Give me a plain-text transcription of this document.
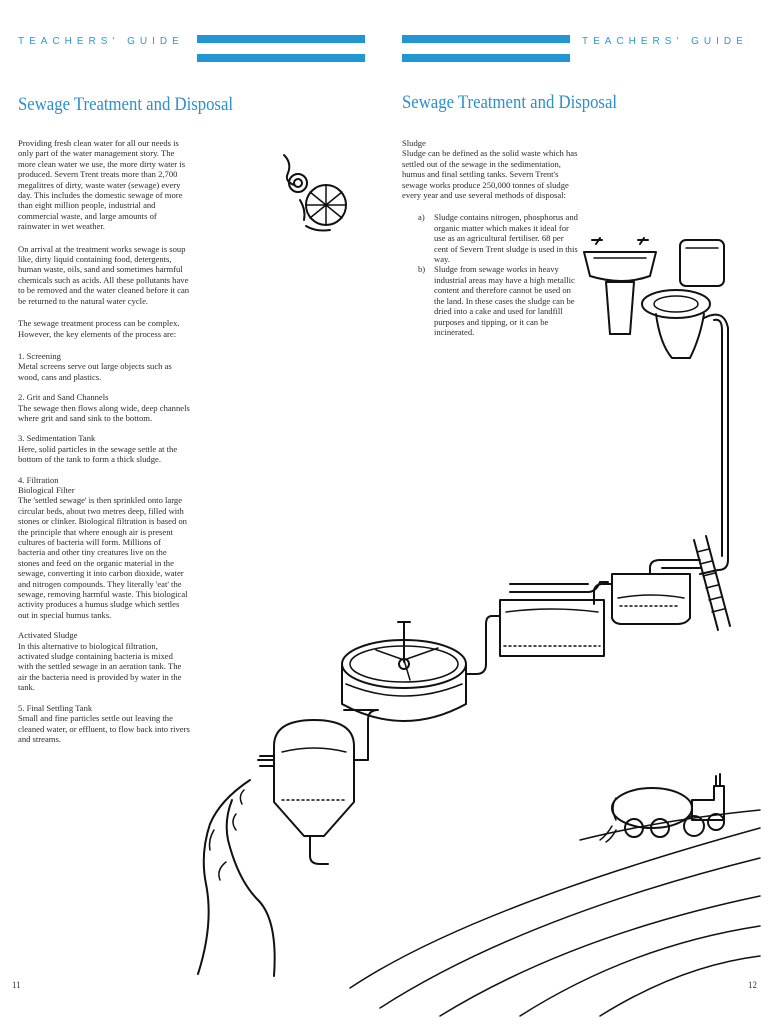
TEACHERS' GUIDE	TEACHERS' GUIDE
Sewage Treatment and Disposal	Sewage Treatment and Disposal

Providing fresh clean water for all our needs is only part of the water management story. The more clean water we use, the more dirty water is produced. Severn Trent treats more than 2,700 megalitres of dirty, waste water (sewage) every day. This includes the domestic sewage of more than eight million people, industrial and commercial waste, and large amounts of rainwater in wet weather.

On arrival at the treatment works sewage is soup like, dirty liquid containing food, detergents, human waste, oils, sand and sometimes harmful chemicals such as acids. All these pollutants have to be removed and the water cleaned before it can be returned to the natural water cycle.

The sewage treatment process can be complex. However, the key elements of the process are:

1. Screening
Metal screens serve out large objects such as wood, cans and plastics.

2. Grit and Sand Channels
The sewage then flows along wide, deep channels where grit and sand sink to the bottom.

3. Sedimentation Tank
Here, solid particles in the sewage settle at the bottom of the tank to form a thick sludge.

4. Filtration
Biological Filter
The 'settled sewage' is then sprinkled onto large circular beds, about two metres deep, filled with stones or clinker. Biological filtration is based on the principle that where enough air is present cultures of bacteria will form. Millions of bacteria and other tiny creatures live on the stones and feed on the organic material in the sewage, converting it into carbon dioxide, water and nitrogen compounds. They literally 'eat' the sewage, removing harmful waste. This biological activity produces a humus sludge which settles out in special humus tanks.

Activated Sludge
In this alternative to biological filtration, activated sludge containing bacteria is mixed with the settled sewage in an aeration tank. The air the bacteria need is provided by water in the tank.

5. Final Settling Tank
Small and fine particles settle out leaving the cleaned water, or effluent, to flow back into rivers and streams.

Sludge

Sludge can be defined as the solid waste which has settled out of the sewage in the sedimentation, humus and final settling tanks. Severn Trent's sewage works produce 250,000 tonnes of sludge every year and use several methods of disposal:

a) Sludge contains nitrogen, phosphorus and organic matter which makes it ideal for use as an agricultural fertiliser. 68 per cent of Severn Trent sludge is used in this way.
b) Sludge from sewage works in heavy industrial areas may have a high metallic content and therefore cannot be used on the land. In these cases the sludge can be dried into a cake and used for landfill purposes and tipping, or it can be incinerated.
11	12
